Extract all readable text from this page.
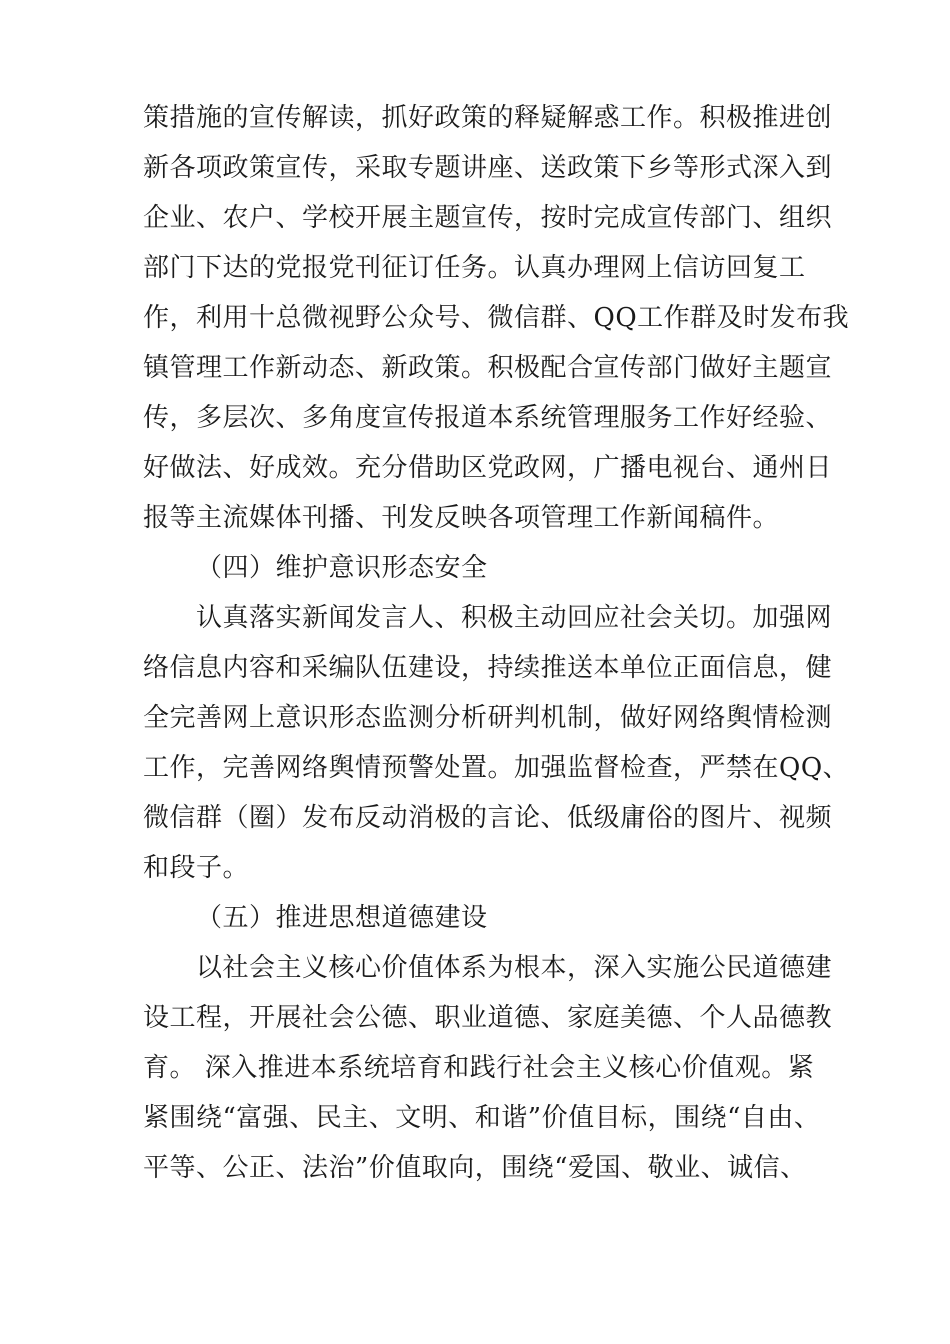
策措施的宣传解读，抓好政策的释疑解惑工作。积极推进创
新各项政策宣传，采取专题讲座、送政策下乡等形式深入到
企业、农户、学校开展主题宣传，按时完成宣传部门、组织
部门下达的党报党刊征订任务。认真办理网上信访回复工
作，利用十总微视野公众号、微信群、QQ工作群及时发布我
镇管理工作新动态、新政策。积极配合宣传部门做好主题宣
传，多层次、多角度宣传报道本系统管理服务工作好经验、
好做法、好成效。充分借助区党政网，广播电视台、通州日
报等主流媒体刊播、刊发反映各项管理工作新闻稿件。
（四）维护意识形态安全
认真落实新闻发言人、积极主动回应社会关切。加强网
络信息内容和采编队伍建设，持续推送本单位正面信息，健
全完善网上意识形态监测分析研判机制，做好网络舆情检测
工作，完善网络舆情预警处置。加强监督检查，严禁在QQ、
微信群（圈）发布反动消极的言论、低级庸俗的图片、视频
和段子。
（五）推进思想道德建设
以社会主义核心价值体系为根本，深入实施公民道德建
设工程，开展社会公德、职业道德、家庭美德、个人品德教
育。 深入推进本系统培育和践行社会主义核心价值观。紧
紧围绕“富强、民主、文明、和谐”价值目标，围绕“自由、
平等、公正、法治”价值取向，围绕“爱国、敬业、诚信、
